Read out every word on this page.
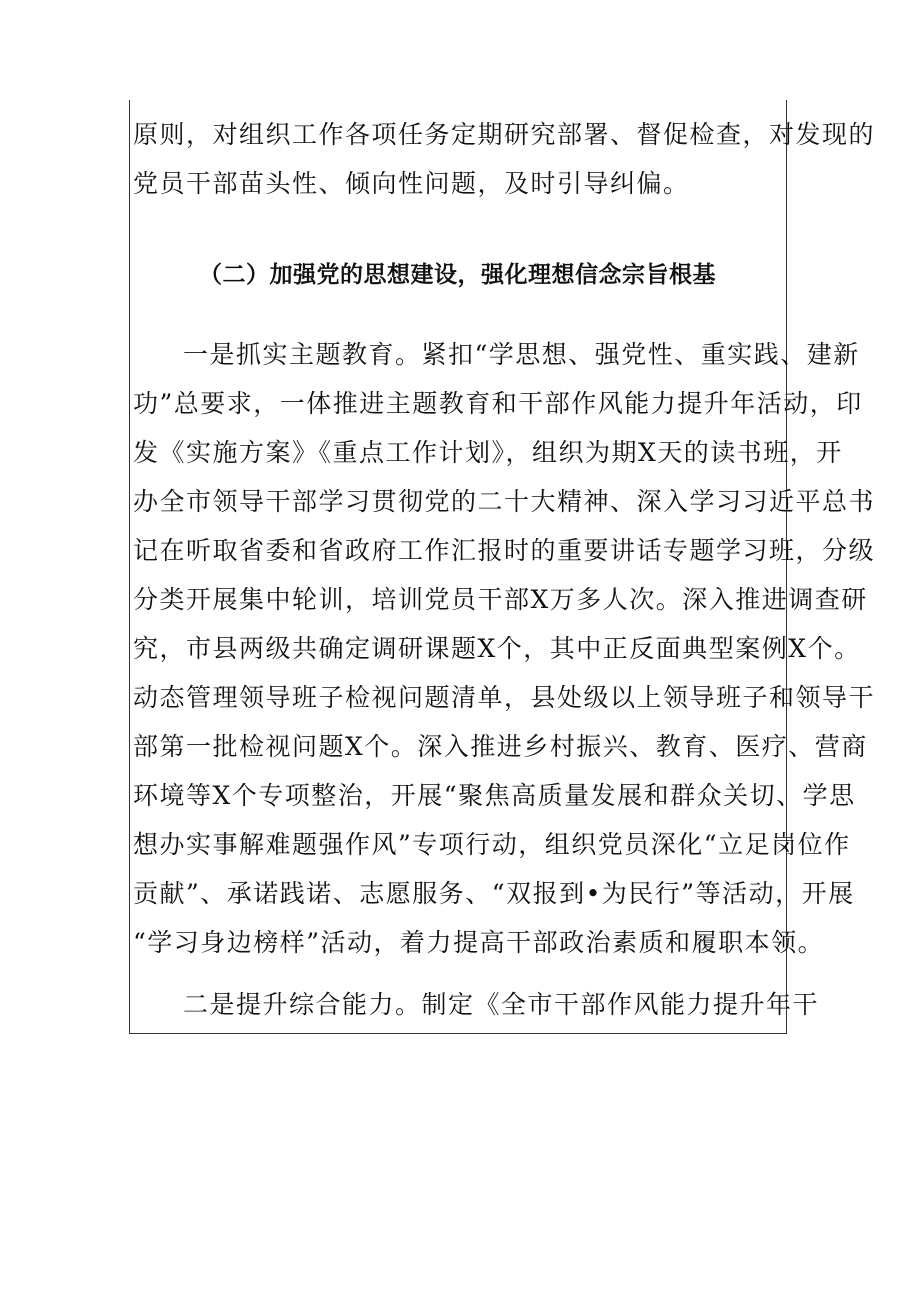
原则，对组织工作各项任务定期研究部署、督促检查，对发现的
党员干部苗头性、倾向性问题，及时引导纠偏。
（二）加强党的思想建设，强化理想信念宗旨根基
一是抓实主题教育。紧扣“学思想、强党性、重实践、建新
功”总要求，一体推进主题教育和干部作风能力提升年活动，印
发《实施方案》《重点工作计划》，组织为期X天的读书班，开
办全市领导干部学习贯彻党的二十大精神、深入学习习近平总书
记在听取省委和省政府工作汇报时的重要讲话专题学习班，分级
分类开展集中轮训，培训党员干部X万多人次。深入推进调查研
究，市县两级共确定调研课题X个，其中正反面典型案例X个。
动态管理领导班子检视问题清单，县处级以上领导班子和领导干
部第一批检视问题X个。深入推进乡村振兴、教育、医疗、营商
环境等X个专项整治，开展“聚焦高质量发展和群众关切、学思
想办实事解难题强作风”专项行动，组织党员深化“立足岗位作
贡献”、承诺践诺、志愿服务、“双报到•为民行”等活动，开展
“学习身边榜样”活动，着力提高干部政治素质和履职本领。
二是提升综合能力。制定《全市干部作风能力提升年干
